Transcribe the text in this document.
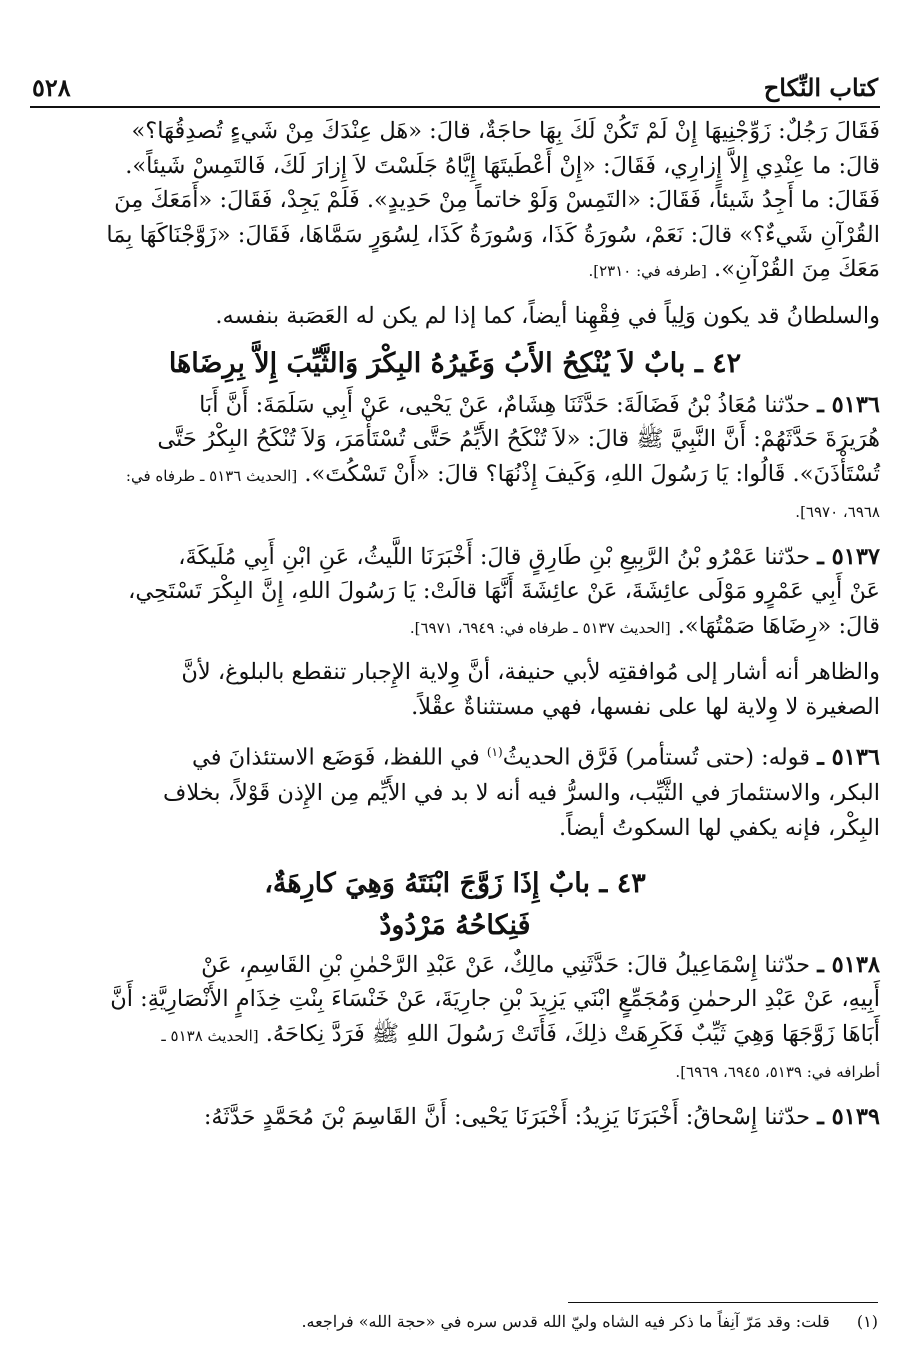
كتاب النِّكاح
٥٢٨

فَقَالَ رَجُلٌ: زَوِّجْنِيهَا إِنْ لَمْ تَكُنْ لَكَ بِهَا حاجَةٌ، قالَ: «هَل عِنْدَكَ مِنْ شَيءٍ تُصدِقُهَا؟»

قالَ: ما عِنْدِي إِلاَّ إِزارِي، فَقَالَ: «إِنْ أَعْطَيتَهَا إِيَّاهُ جَلَسْتَ لاَ إِزارَ لَكَ، فَالتَمِسْ شَيئاً».

فَقَالَ: ما أَجِدُ شَيئاً، فَقَالَ: «التَمِسْ وَلَوْ خاتماً مِنْ حَدِيدٍ». فَلَمْ يَجِدْ، فَقَالَ: «أَمَعَكَ مِنَ

القُرْآنِ شَيءٌ؟» قالَ: نَعَمْ، سُورَةُ كَذَا، وَسُورَةُ كَذَا، لِسُوَرٍ سَمَّاهَا، فَقَالَ: «زَوَّجْنَاكَهَا بِمَا

مَعَكَ مِنَ القُرْآنِ». [طرفه في: ٢٣١٠].

والسلطانُ قد يكون وَلِياً في فِقْهِنا أيضاً، كما إذا لم يكن له العَصَبة بنفسه.

٤٢ ـ بابٌ لاَ يُنْكِحُ الأَبُ وَغَيرُهُ البِكْرَ وَالثَّيِّبَ إِلاَّ بِرِضَاهَا

٥١٣٦ ـ حدّثنا مُعَاذُ بْنُ فَضَالَةَ: حَدَّثَنَا هِشَامٌ، عَنْ يَحْيى، عَنْ أَبِي سَلَمَةَ: أَنَّ أَبَا

هُرَيرَةَ حَدَّثَهُمْ: أَنَّ النَّبِيَّ ﷺ قالَ: «لاَ تُنْكَحُ الأَيِّمُ حَتَّى تُسْتَأْمَرَ، وَلاَ تُنْكَحُ البِكْرُ حَتَّى

تُسْتَأْذَنَ». قَالُوا: يَا رَسُولَ اللهِ، وَكَيفَ إِذْنُهَا؟ قالَ: «أَنْ تَسْكُتَ». [الحديث ٥١٣٦ ـ طرفاه في:

٦٩٦٨، ٦٩٧٠].

٥١٣٧ ـ حدّثنا عَمْرُو بْنُ الرَّبِيعِ بْنِ طَارِقٍ قالَ: أَخْبَرَنَا اللَّيثُ، عَنِ ابْنِ أَبِي مُلَيكَةَ،

عَنْ أَبِي عَمْرٍو مَوْلَى عائِشَةَ، عَنْ عائِشَةَ أَنَّهَا قالَتْ: يَا رَسُولَ اللهِ، إِنَّ البِكْرَ تَسْتَحِي،

قالَ: «رِضَاهَا صَمْتُهَا». [الحديث ٥١٣٧ ـ طرفاه في: ٦٩٤٩، ٦٩٧١].

والظاهر أنه أشار إلى مُوافقتِه لأبي حنيفة، أنَّ وِلاية الإِجبار تنقطع بالبلوغ، لأنَّ

الصغيرة لا وِلاية لها على نفسها، فهي مستثناةٌ عقْلاً.

٥١٣٦ ـ قوله: (حتى تُستأمر) فَرَّق الحديثُ$^{(١)}$ في اللفظ، فَوَضَع الاستئذانَ في

البكر، والاستئمارَ في الثَّيِّب، والسرُّ فيه أنه لا بد في الأَيِّم مِن الإِذن قَوْلاً، بخلاف

البِكْر، فإنه يكفي لها السكوتُ أيضاً.

٤٣ ـ بابٌ إِذَا زَوَّجَ ابْنَتَهُ وَهِيَ كارِهَةٌ،
فَنِكاحُهُ مَرْدُودٌ

٥١٣٨ ـ حدّثنا إِسْمَاعِيلُ قالَ: حَدَّثَنِي مالِكٌ، عَنْ عَبْدِ الرَّحْمٰنِ بْنِ القَاسِمِ، عَنْ

أَبِيهِ، عَنْ عَبْدِ الرحمٰنِ وَمُجَمِّعٍ ابْنَي يَزِيدَ بْنِ جارِيَةَ، عَنْ خَنْسَاءَ بِنْتِ خِذَامٍ الأَنْصَارِيَّةِ: أَنَّ

أَبَاهَا زَوَّجَهَا وَهِيَ ثَيِّبٌ فَكَرِهَتْ ذلِكَ، فَأَتَتْ رَسُولَ اللهِ ﷺ فَرَدَّ نِكاحَهُ. [الحديث ٥١٣٨ ـ

أطرافه في: ٥١٣٩، ٦٩٤٥، ٦٩٦٩].

٥١٣٩ ـ حدّثنا إِسْحاقُ: أَخْبَرَنَا يَزِيدُ: أَخْبَرَنَا يَحْيى: أَنَّ القَاسِمَ بْنَ مُحَمَّدٍ حَدَّثَهُ:

(١) قلت: وقد مَرّ آنِفاً ما ذكر فيه الشاه وليّ الله قدس سره في «حجة الله» فراجعه.
